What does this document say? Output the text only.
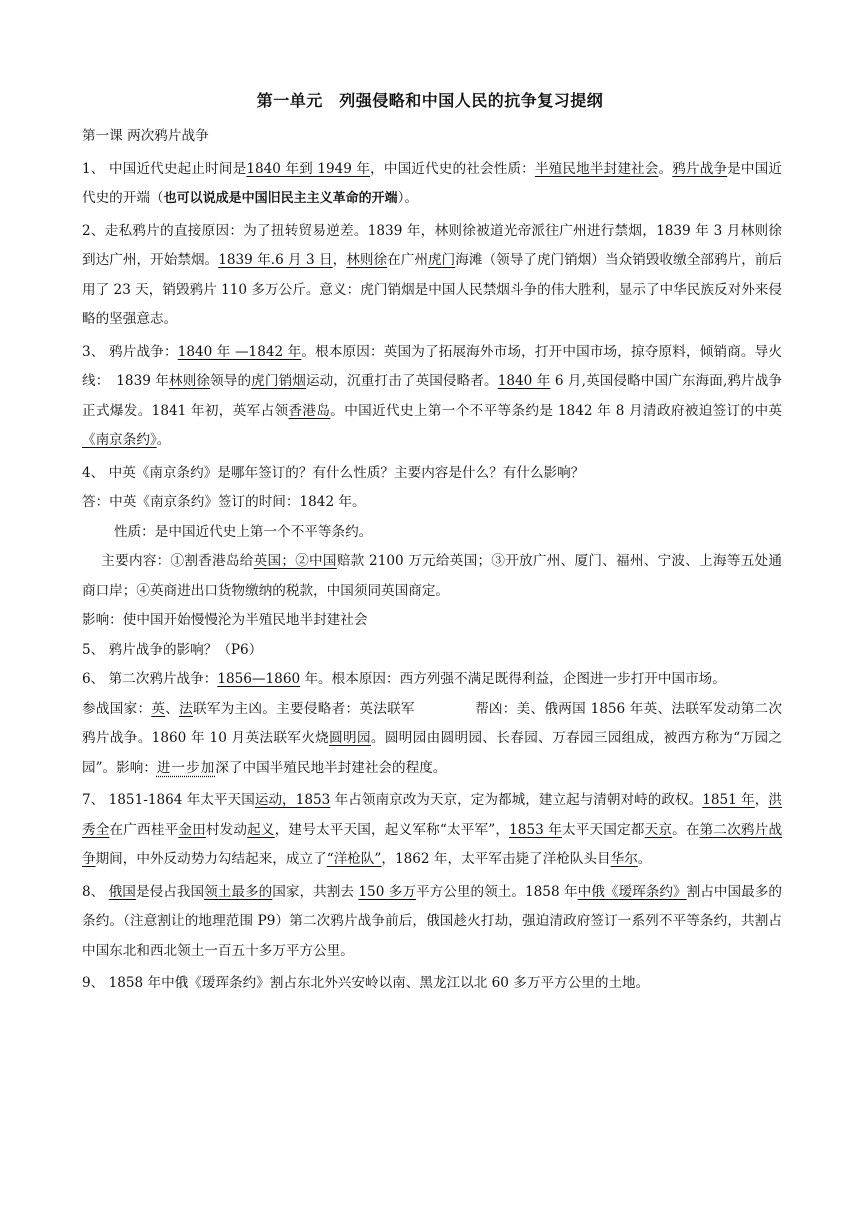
第一单元　列强侵略和中国人民的抗争复习提纲

第一课 两次鸦片战争

1、 中国近代史起止时间是1840 年到 1949 年，中国近代史的社会性质：半殖民地半封建社会。鸦片战争是中国近代史的开端（也可以说成是中国旧民主主义革命的开端）。

2、走私鸦片的直接原因：为了扭转贸易逆差。1839 年，林则徐被道光帝派往广州进行禁烟，1839 年 3 月林则徐到达广州，开始禁烟。1839 年.6 月 3 日，林则徐在广州虎门海滩（领导了虎门销烟）当众销毁收缴全部鸦片，前后用了 23 天，销毁鸦片 110 多万公斤。意义：虎门销烟是中国人民禁烟斗争的伟大胜利，显示了中华民族反对外来侵略的坚强意志。

3、 鸦片战争：1840 年 —1842 年。根本原因：英国为了拓展海外市场，打开中国市场，掠夺原料，倾销商。导火线：　1839 年林则徐领导的虎门销烟运动，沉重打击了英国侵略者。1840 年 6 月,英国侵略中国广东海面,鸦片战争正式爆发。1841 年初，英军占领香港岛。中国近代史上第一个不平等条约是 1842 年 8 月清政府被迫签订的中英《南京条约》。

4、 中英《南京条约》是哪年签订的？有什么性质？主要内容是什么？有什么影响？

答：中英《南京条约》签订的时间：1842 年。

性质：是中国近代史上第一个不平等条约。

主要内容：①割香港岛给英国；②中国赔款 2100 万元给英国；③开放广州、厦门、福州、宁波、上海等五处通商口岸；④英商进出口货物缴纳的税款，中国须同英国商定。

影响：使中国开始慢慢沦为半殖民地半封建社会

5、 鸦片战争的影响？（P6）

6、 第二次鸦片战争：1856—1860 年。根本原因：西方列强不满足既得利益，企图进一步打开中国市场。

参战国家：英、法联军为主凶。主要侵略者：英法联军	帮凶：美、俄两国 1856 年英、法联军发动第二次鸦片战争。1860 年 10 月英法联军火烧圆明园。圆明园由圆明园、长春园、万春园三园组成，被西方称为“万园之园”。影响：进一步加深了中国半殖民地半封建社会的程度。

7、 1851-1864 年太平天国运动，1853 年占领南京改为天京，定为都城，建立起与清朝对峙的政权。1851 年，洪秀全在广西桂平金田村发动起义，建号太平天国，起义军称“太平军”，1853 年太平天国定都天京。在第二次鸦片战争期间，中外反动势力勾结起来，成立了“洋枪队”，1862 年，太平军击毙了洋枪队头目华尔。

8、 俄国是侵占我国领土最多的国家，共割去 150 多万平方公里的领土。1858 年中俄《瑷珲条约》割占中国最多的条约。（注意割让的地理范围 P9）第二次鸦片战争前后，俄国趁火打劫，强迫清政府签订一系列不平等条约，共割占中国东北和西北领土一百五十多万平方公里。

9、 1858 年中俄《瑷珲条约》割占东北外兴安岭以南、黑龙江以北 60 多万平方公里的土地。
